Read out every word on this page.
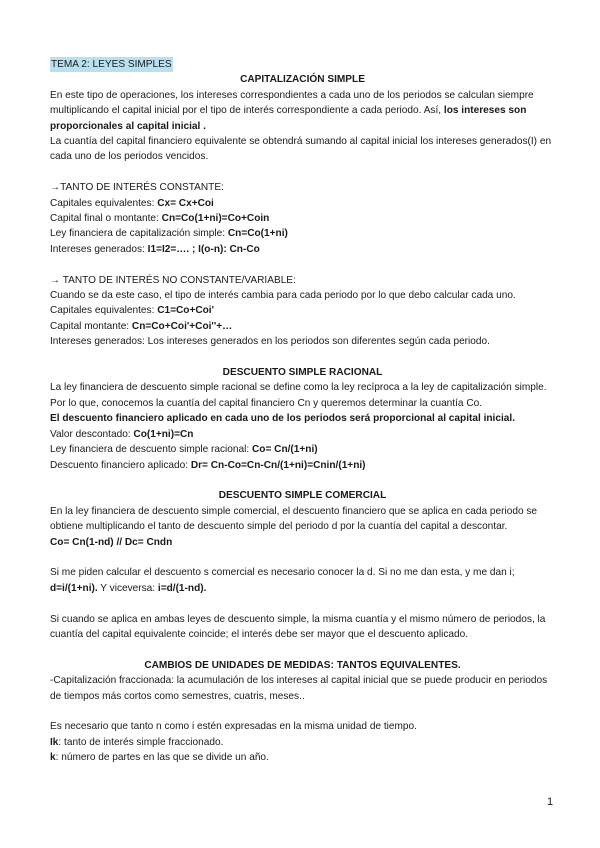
TEMA 2: LEYES SIMPLES

CAPITALIZACIÓN SIMPLE

En este tipo de operaciones, los intereses correspondientes a cada uno de los periodos se calculan siempre multiplicando el capital inicial por el tipo de interés correspondiente a cada periodo. Así, los intereses son proporcionales al capital inicial .

La cuantía del capital financiero equivalente se obtendrá sumando al capital inicial los intereses generados(I) en cada uno de los periodos vencidos.

→TANTO DE INTERÉS CONSTANTE:

Capitales equivalentes: Cx= Cx+Coi

Capital final o montante: Cn=Co(1+ni)=Co+Coin

Ley financiera de capitalización simple: Cn=Co(1+ni)

Intereses generados: I1=I2=…. ; I(o-n): Cn-Co

→ TANTO DE INTERÉS NO CONSTANTE/VARIABLE:

Cuando se da este caso, el tipo de interés cambia para cada periodo por lo que debo calcular cada uno.

Capitales equivalentes: C1=Co+Coi'

Capital montante: Cn=Co+Coi'+Coi''+…

Intereses generados: Los intereses generados en los periodos son diferentes según cada periodo.

DESCUENTO SIMPLE RACIONAL

La ley financiera de descuento simple racional se define como la ley recíproca a la ley de capitalización simple. Por lo que, conocemos la cuantía del capital financiero Cn y queremos determinar la cuantía Co.

El descuento financiero aplicado en cada uno de los periodos será proporcional al capital inicial.

Valor descontado: Co(1+ni)=Cn

Ley financiera de descuento simple racional: Co= Cn/(1+ni)

Descuento financiero aplicado: Dr= Cn-Co=Cn-Cn/(1+ni)=Cnin/(1+ni)

DESCUENTO SIMPLE COMERCIAL

En la ley financiera de descuento simple comercial, el descuento financiero que se aplica en cada periodo se obtiene multiplicando el tanto de descuento simple del periodo d por la cuantía del capital a descontar.

Co= Cn(1-nd) // Dc= Cndn

Si me piden calcular el descuento s comercial es necesario conocer la d. Si no me dan esta, y me dan i; d=i/(1+ni). Y viceversa: i=d/(1-nd).

Si cuando se aplica en ambas leyes de descuento simple, la misma cuantía y el mismo número de periodos, la cuantía del capital equivalente coincide; el interés debe ser mayor que el descuento aplicado.

CAMBIOS DE UNIDADES DE MEDIDAS: TANTOS EQUIVALENTES.

-Capitalización fraccionada: la acumulación de los intereses al capital inicial que se puede producir en periodos de tiempos más cortos como semestres, cuatris, meses..

Es necesario que tanto n como i estén expresadas en la misma unidad de tiempo.

Ik: tanto de interés simple fraccionado.

k: número de partes en las que se divide un año.

1
